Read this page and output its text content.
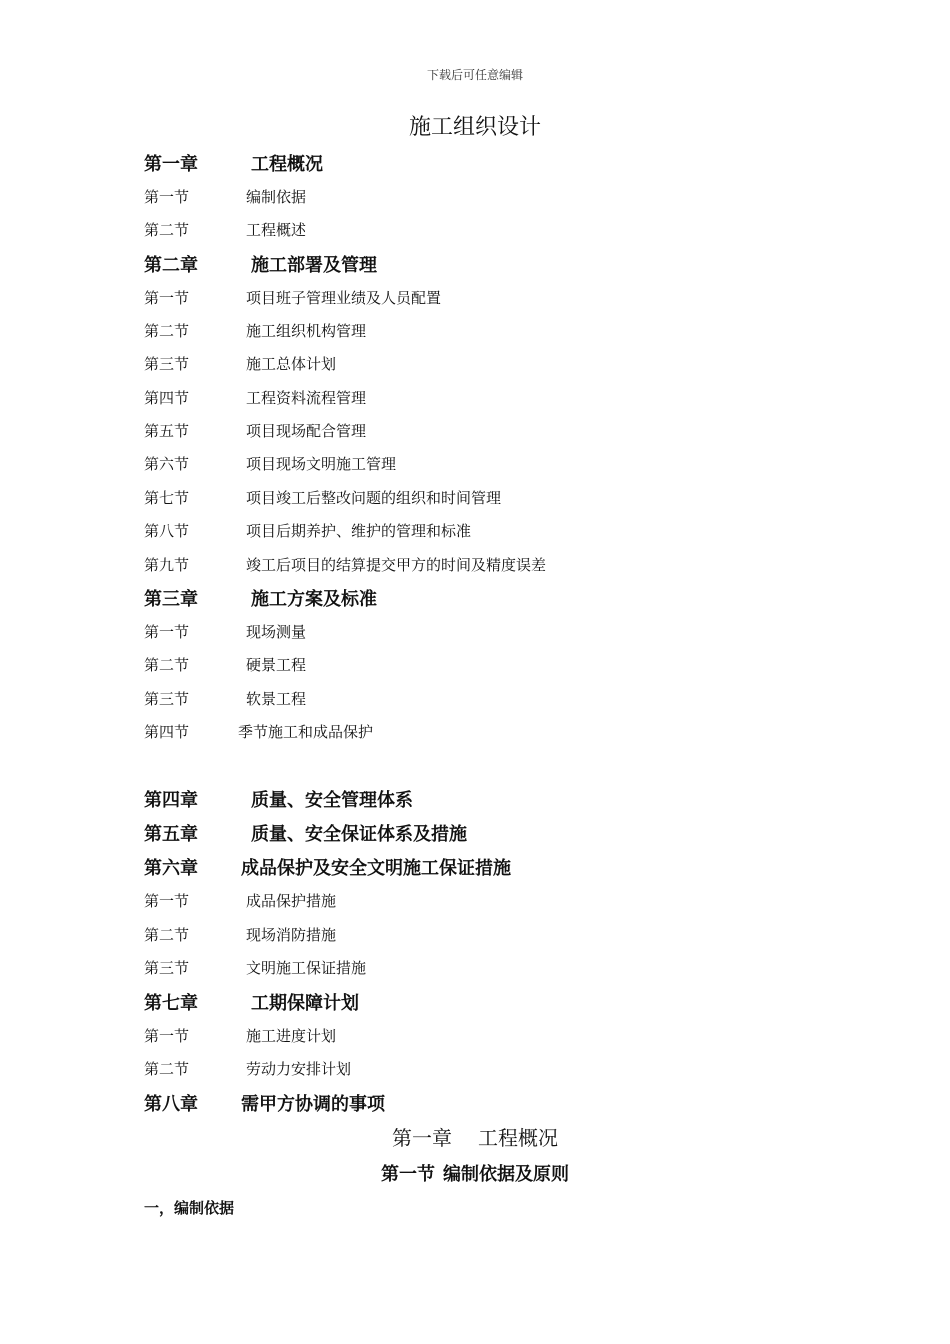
下载后可任意编辑
施工组织设计
第一章	工程概况
第一节	编制依据
第二节	工程概述
第二章	施工部署及管理
第一节	项目班子管理业绩及人员配置
第二节	施工组织机构管理
第三节	施工总体计划
第四节	工程资料流程管理
第五节	项目现场配合管理
第六节	项目现场文明施工管理
第七节	项目竣工后整改问题的组织和时间管理
第八节	项目后期养护、维护的管理和标准
第九节	竣工后项目的结算提交甲方的时间及精度误差
第三章	施工方案及标准
第一节	现场测量
第二节	硬景工程
第三节	软景工程
第四节	季节施工和成品保护
第四章	质量、安全管理体系
第五章	质量、安全保证体系及措施
第六章 成品保护及安全文明施工保证措施
第一节	成品保护措施
第二节	现场消防措施
第三节	文明施工保证措施
第七章	工期保障计划
第一节	施工进度计划
第二节	劳动力安排计划
第八章 需甲方协调的事项
第一章 工程概况
第一节 编制依据及原则
一，编制依据
